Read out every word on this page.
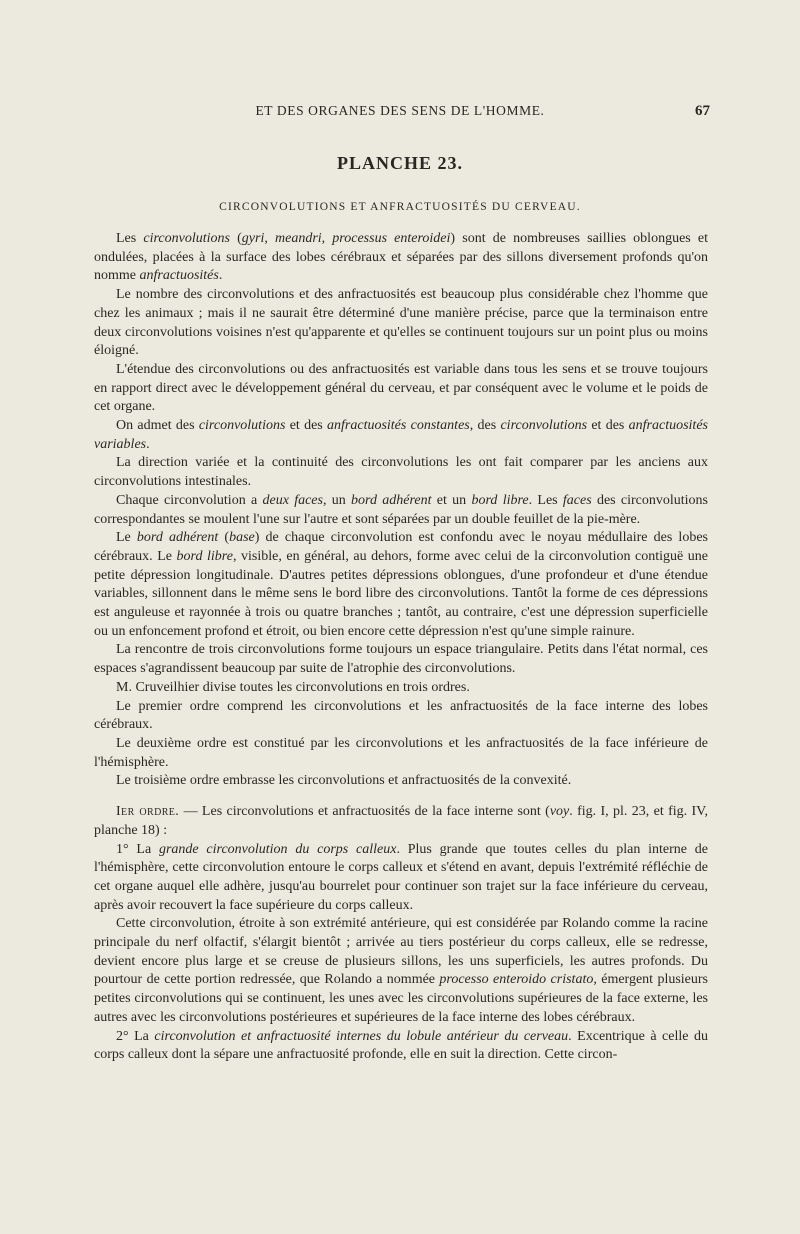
ET DES ORGANES DES SENS DE L'HOMME.	67
PLANCHE 23.
CIRCONVOLUTIONS ET ANFRACTUOSITÉS DU CERVEAU.

Les circonvolutions (gyri, meandri, processus enteroidei) sont de nombreuses saillies oblongues et ondulées, placées à la surface des lobes cérébraux et séparées par des sillons diversement profonds qu'on nomme anfractuosités.

Le nombre des circonvolutions et des anfractuosités est beaucoup plus considérable chez l'homme que chez les animaux ; mais il ne saurait être déterminé d'une manière précise, parce que la terminaison entre deux circonvolutions voisines n'est qu'apparente et qu'elles se continuent toujours sur un point plus ou moins éloigné.

L'étendue des circonvolutions ou des anfractuosités est variable dans tous les sens et se trouve toujours en rapport direct avec le développement général du cerveau, et par conséquent avec le volume et le poids de cet organe.

On admet des circonvolutions et des anfractuosités constantes, des circonvolutions et des anfractuosités variables.

La direction variée et la continuité des circonvolutions les ont fait comparer par les anciens aux circonvolutions intestinales.

Chaque circonvolution a deux faces, un bord adhérent et un bord libre. Les faces des circonvolutions correspondantes se moulent l'une sur l'autre et sont séparées par un double feuillet de la pie-mère.

Le bord adhérent (base) de chaque circonvolution est confondu avec le noyau médullaire des lobes cérébraux. Le bord libre, visible, en général, au dehors, forme avec celui de la circonvolution contiguë une petite dépression longitudinale. D'autres petites dépressions oblongues, d'une profondeur et d'une étendue variables, sillonnent dans le même sens le bord libre des circonvolutions. Tantôt la forme de ces dépressions est anguleuse et rayonnée à trois ou quatre branches ; tantôt, au contraire, c'est une dépression superficielle ou un enfoncement profond et étroit, ou bien encore cette dépression n'est qu'une simple rainure.

La rencontre de trois circonvolutions forme toujours un espace triangulaire. Petits dans l'état normal, ces espaces s'agrandissent beaucoup par suite de l'atrophie des circonvolutions.

M. Cruveilhier divise toutes les circonvolutions en trois ordres.

Le premier ordre comprend les circonvolutions et les anfractuosités de la face interne des lobes cérébraux.

Le deuxième ordre est constitué par les circonvolutions et les anfractuosités de la face inférieure de l'hémisphère.

Le troisième ordre embrasse les circonvolutions et anfractuosités de la convexité.

Ier ordre. — Les circonvolutions et anfractuosités de la face interne sont (voy. fig. I, pl. 23, et fig. IV, planche 18) :

1° La grande circonvolution du corps calleux. Plus grande que toutes celles du plan interne de l'hémisphère, cette circonvolution entoure le corps calleux et s'étend en avant, depuis l'extrémité réfléchie de cet organe auquel elle adhère, jusqu'au bourrelet pour continuer son trajet sur la face inférieure du cerveau, après avoir recouvert la face supérieure du corps calleux.

Cette circonvolution, étroite à son extrémité antérieure, qui est considérée par Rolando comme la racine principale du nerf olfactif, s'élargit bientôt ; arrivée au tiers postérieur du corps calleux, elle se redresse, devient encore plus large et se creuse de plusieurs sillons, les uns superficiels, les autres profonds. Du pourtour de cette portion redressée, que Rolando a nommée processo enteroido cristato, émergent plusieurs petites circonvolutions qui se continuent, les unes avec les circonvolutions supérieures de la face externe, les autres avec les circonvolutions postérieures et supérieures de la face interne des lobes cérébraux.

2° La circonvolution et anfractuosité internes du lobule antérieur du cerveau. Excentrique à celle du corps calleux dont la sépare une anfractuosité profonde, elle en suit la direction. Cette circon-
